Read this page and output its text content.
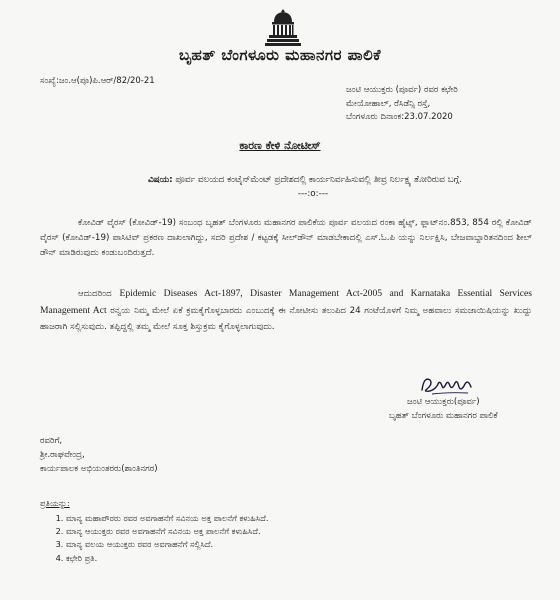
ಬೃಹತ್ ಬೆಂಗಳೂರು ಮಹಾನಗರ ಪಾಲಿಕೆ
ಸಂಖ್ಯೆ:ಜಂ.ಆ(ಪೂ)ಪಿ.ಆರ್/82/20-21
ಜಂಟಿ ಆಯುಕ್ತರು (ಪೂರ್ವ) ರವರ ಕಛೇರಿ
ಮೇಯೋಹಾಲ್, ರೆಸಿಡೆನ್ಸಿ ರಸ್ತೆ,
ಬೆಂಗಳೂರು ದಿನಾಂಕ:23.07.2020
ಕಾರಣ ಕೇಳಿ ನೋಟೀಸ್
ವಿಷಯ: ಪೂರ್ವ ವಲಯದ ಕಂಟೈನ್‌ಮೆಂಟ್ ಪ್ರದೇಶದಲ್ಲಿ ಕಾರ್ಯನಿರ್ವಹಿಸುವಲ್ಲಿ ತೀವ್ರ ನಿರ್ಲಕ್ಷ್ಯ ತೋರಿರುವ ಬಗ್ಗೆ.
---:o:---
ಕೋವಿಡ್ ವೈರಸ್ (ಕೋವಿಡ್-19) ಸಂಬಂಧ ಬೃಹತ್ ಬೆಂಗಳೂರು ಮಹಾನಗರ ಪಾಲಿಕೆಯ ಪೂರ್ವ ವಲಯದ ರಂಕಾ ಹೈಟ್ಸ್, ಫ್ಲಾಟ್‌ನಂ.853, 854 ರಲ್ಲಿ ಕೋವಿಡ್ ವೈರಸ್ (ಕೋವಿಡ್-19) ಪಾಸಿಟಿವ್ ಪ್ರಕರಣ ದಾಖಲಾಗಿದ್ದು, ಸದರಿ ಪ್ರದೇಶ / ಕಟ್ಟಡಕ್ಕೆ ಸೀಲ್‌ಡೌನ್ ಮಾಡಬೇಕಾದಲ್ಲಿ ಎಸ್.ಓ.ಪಿ ಯನ್ನು ನಿರ್ಲಕ್ಷಿಸಿ, ಬೇಜವಾಬ್ದಾರಿತನದಿಂದ ಶೀಲ್ ಡೌನ್ ಮಾಡಿರುವುದು ಕಂಡುಬಂದಿರುತ್ತದೆ.
ಆದುದರಿಂದ Epidemic Diseases Act-1897, Disaster Management Act-2005 and Karnataka Essential Services Management Act ರನ್ವಯ ನಿಮ್ಮ ಮೇಲೆ ಏಕೆ ಕ್ರಮಕೈಗೊಳ್ಳಬಾರದು ಎಂಬುದಕ್ಕೆ ಈ ನೋಟೀಸು ತಲುಪಿದ 24 ಗಂಟೆಯೊಳಗೆ ನಿಮ್ಮ ಅಹವಾಲು ಸಮಜಾಯಿಷಿಯನ್ನು ಖುದ್ದು ಹಾಜರಾಗಿ ಸಲ್ಲಿಸುವುದು. ತಪ್ಪಿದ್ದಲ್ಲಿ ತಮ್ಮ ಮೇಲೆ ಸೂಕ್ತ ಶಿಸ್ತುಕ್ರಮ ಕೈಗೊಳ್ಳಲಾಗುವುದು.
ಜಂಟಿ ಆಯುಕ್ತರು(ಪೂರ್ವ)
ಬೃಹತ್ ಬೆಂಗಳೂರು ಮಹಾನಗರ ಪಾಲಿಕೆ
ರವರಿಗೆ,
ಶ್ರೀ.ರಾಘವೇಂದ್ರ,
ಕಾರ್ಯಪಾಲಕ ಅಭಿಯಂತರರು(ಶಾಂತಿನಗರ)
ಪ್ರತಿಯನ್ನು:
1. ಮಾನ್ಯ ಮಹಾಪೌರರು ರವರ ಅವಗಾಹನೆಗೆ ಸವಿನಯ ಅಕ್ತ ಪಾಲನೆಗೆ ಕಳುಹಿಸಿದೆ.
2. ಮಾನ್ಯ ಆಯುಕ್ತರು ರವರ ಅವಗಾಹನೆಗೆ ಸವಿನಯ ಅಕ್ತ ಪಾಲನೆಗೆ ಕಳುಹಿಸಿದೆ.
3. ಮಾನ್ಯ ವಲಯ ಆಯುಕ್ತರು ರವರ ಅವಗಾಹನೆಗೆ ಸಲ್ಲಿಸಿದೆ.
4. ಕಛೇರಿ ಪ್ರತಿ.
